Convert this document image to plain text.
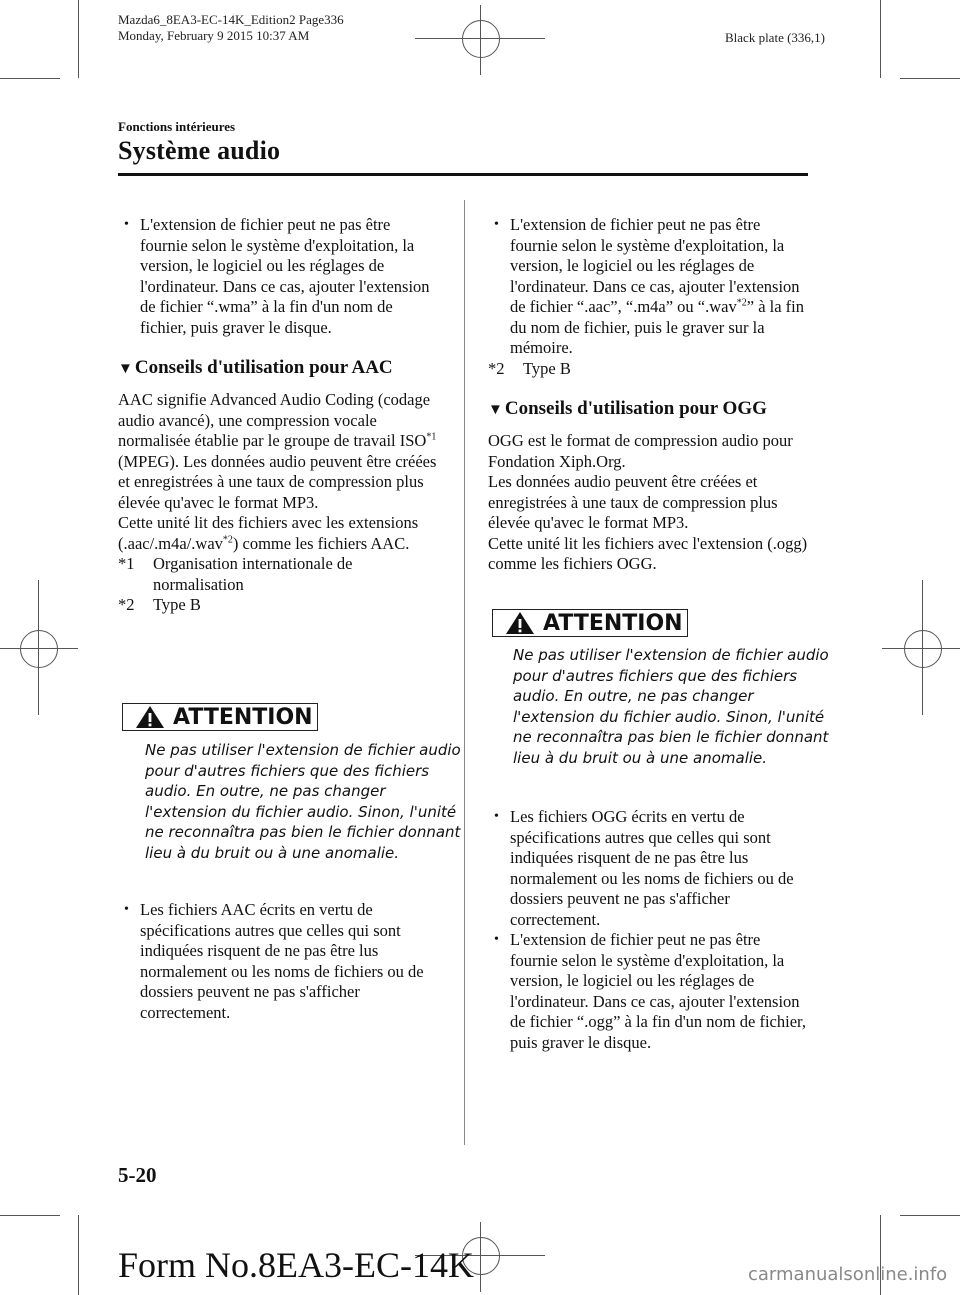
Mazda6_8EA3-EC-14K_Edition2 Page336
Monday, February 9 2015 10:37 AM	Black plate (336,1)
Fonctions intérieures
Système audio

• L'extension de fichier peut ne pas être fournie selon le système d'exploitation, la version, le logiciel ou les réglages de l'ordinateur. Dans ce cas, ajouter l'extension de fichier “.wma” à la fin d'un nom de fichier, puis graver le disque.

▼ Conseils d'utilisation pour AAC

AAC signifie Advanced Audio Coding (codage audio avancé), une compression vocale normalisée établie par le groupe de travail ISO$^{*1}$ (MPEG). Les données audio peuvent être créées et enregistrées à une taux de compression plus élevée qu'avec le format MP3.

Cette unité lit des fichiers avec les extensions (.aac/.m4a/.wav$^{*2}$) comme les fichiers AAC.

*1 Organisation internationale de normalisation

*2 Type B

ATTENTION
Ne pas utiliser l'extension de fichier audio pour d'autres fichiers que des fichiers audio. En outre, ne pas changer l'extension du fichier audio. Sinon, l'unité ne reconnaîtra pas bien le fichier donnant lieu à du bruit ou à une anomalie.

• Les fichiers AAC écrits en vertu de spécifications autres que celles qui sont indiquées risquent de ne pas être lus normalement ou les noms de fichiers ou de dossiers peuvent ne pas s'afficher correctement.

• L'extension de fichier peut ne pas être fournie selon le système d'exploitation, la version, le logiciel ou les réglages de l'ordinateur. Dans ce cas, ajouter l'extension de fichier “.aac”, “.m4a” ou “.wav$^{*2}$” à la fin du nom de fichier, puis le graver sur la mémoire.

*2 Type B

▼ Conseils d'utilisation pour OGG

OGG est le format de compression audio pour Fondation Xiph.Org.

Les données audio peuvent être créées et enregistrées à une taux de compression plus élevée qu'avec le format MP3.

Cette unité lit les fichiers avec l'extension (.ogg) comme les fichiers OGG.

ATTENTION
Ne pas utiliser l'extension de fichier audio pour d'autres fichiers que des fichiers audio. En outre, ne pas changer l'extension du fichier audio. Sinon, l'unité ne reconnaîtra pas bien le fichier donnant lieu à du bruit ou à une anomalie.

• Les fichiers OGG écrits en vertu de spécifications autres que celles qui sont indiquées risquent de ne pas être lus normalement ou les noms de fichiers ou de dossiers peuvent ne pas s'afficher correctement.

• L'extension de fichier peut ne pas être fournie selon le système d'exploitation, la version, le logiciel ou les réglages de l'ordinateur. Dans ce cas, ajouter l'extension de fichier “.ogg” à la fin d'un nom de fichier, puis graver le disque.

5-20
Form No.8EA3-EC-14K	carmanualsonline.info
